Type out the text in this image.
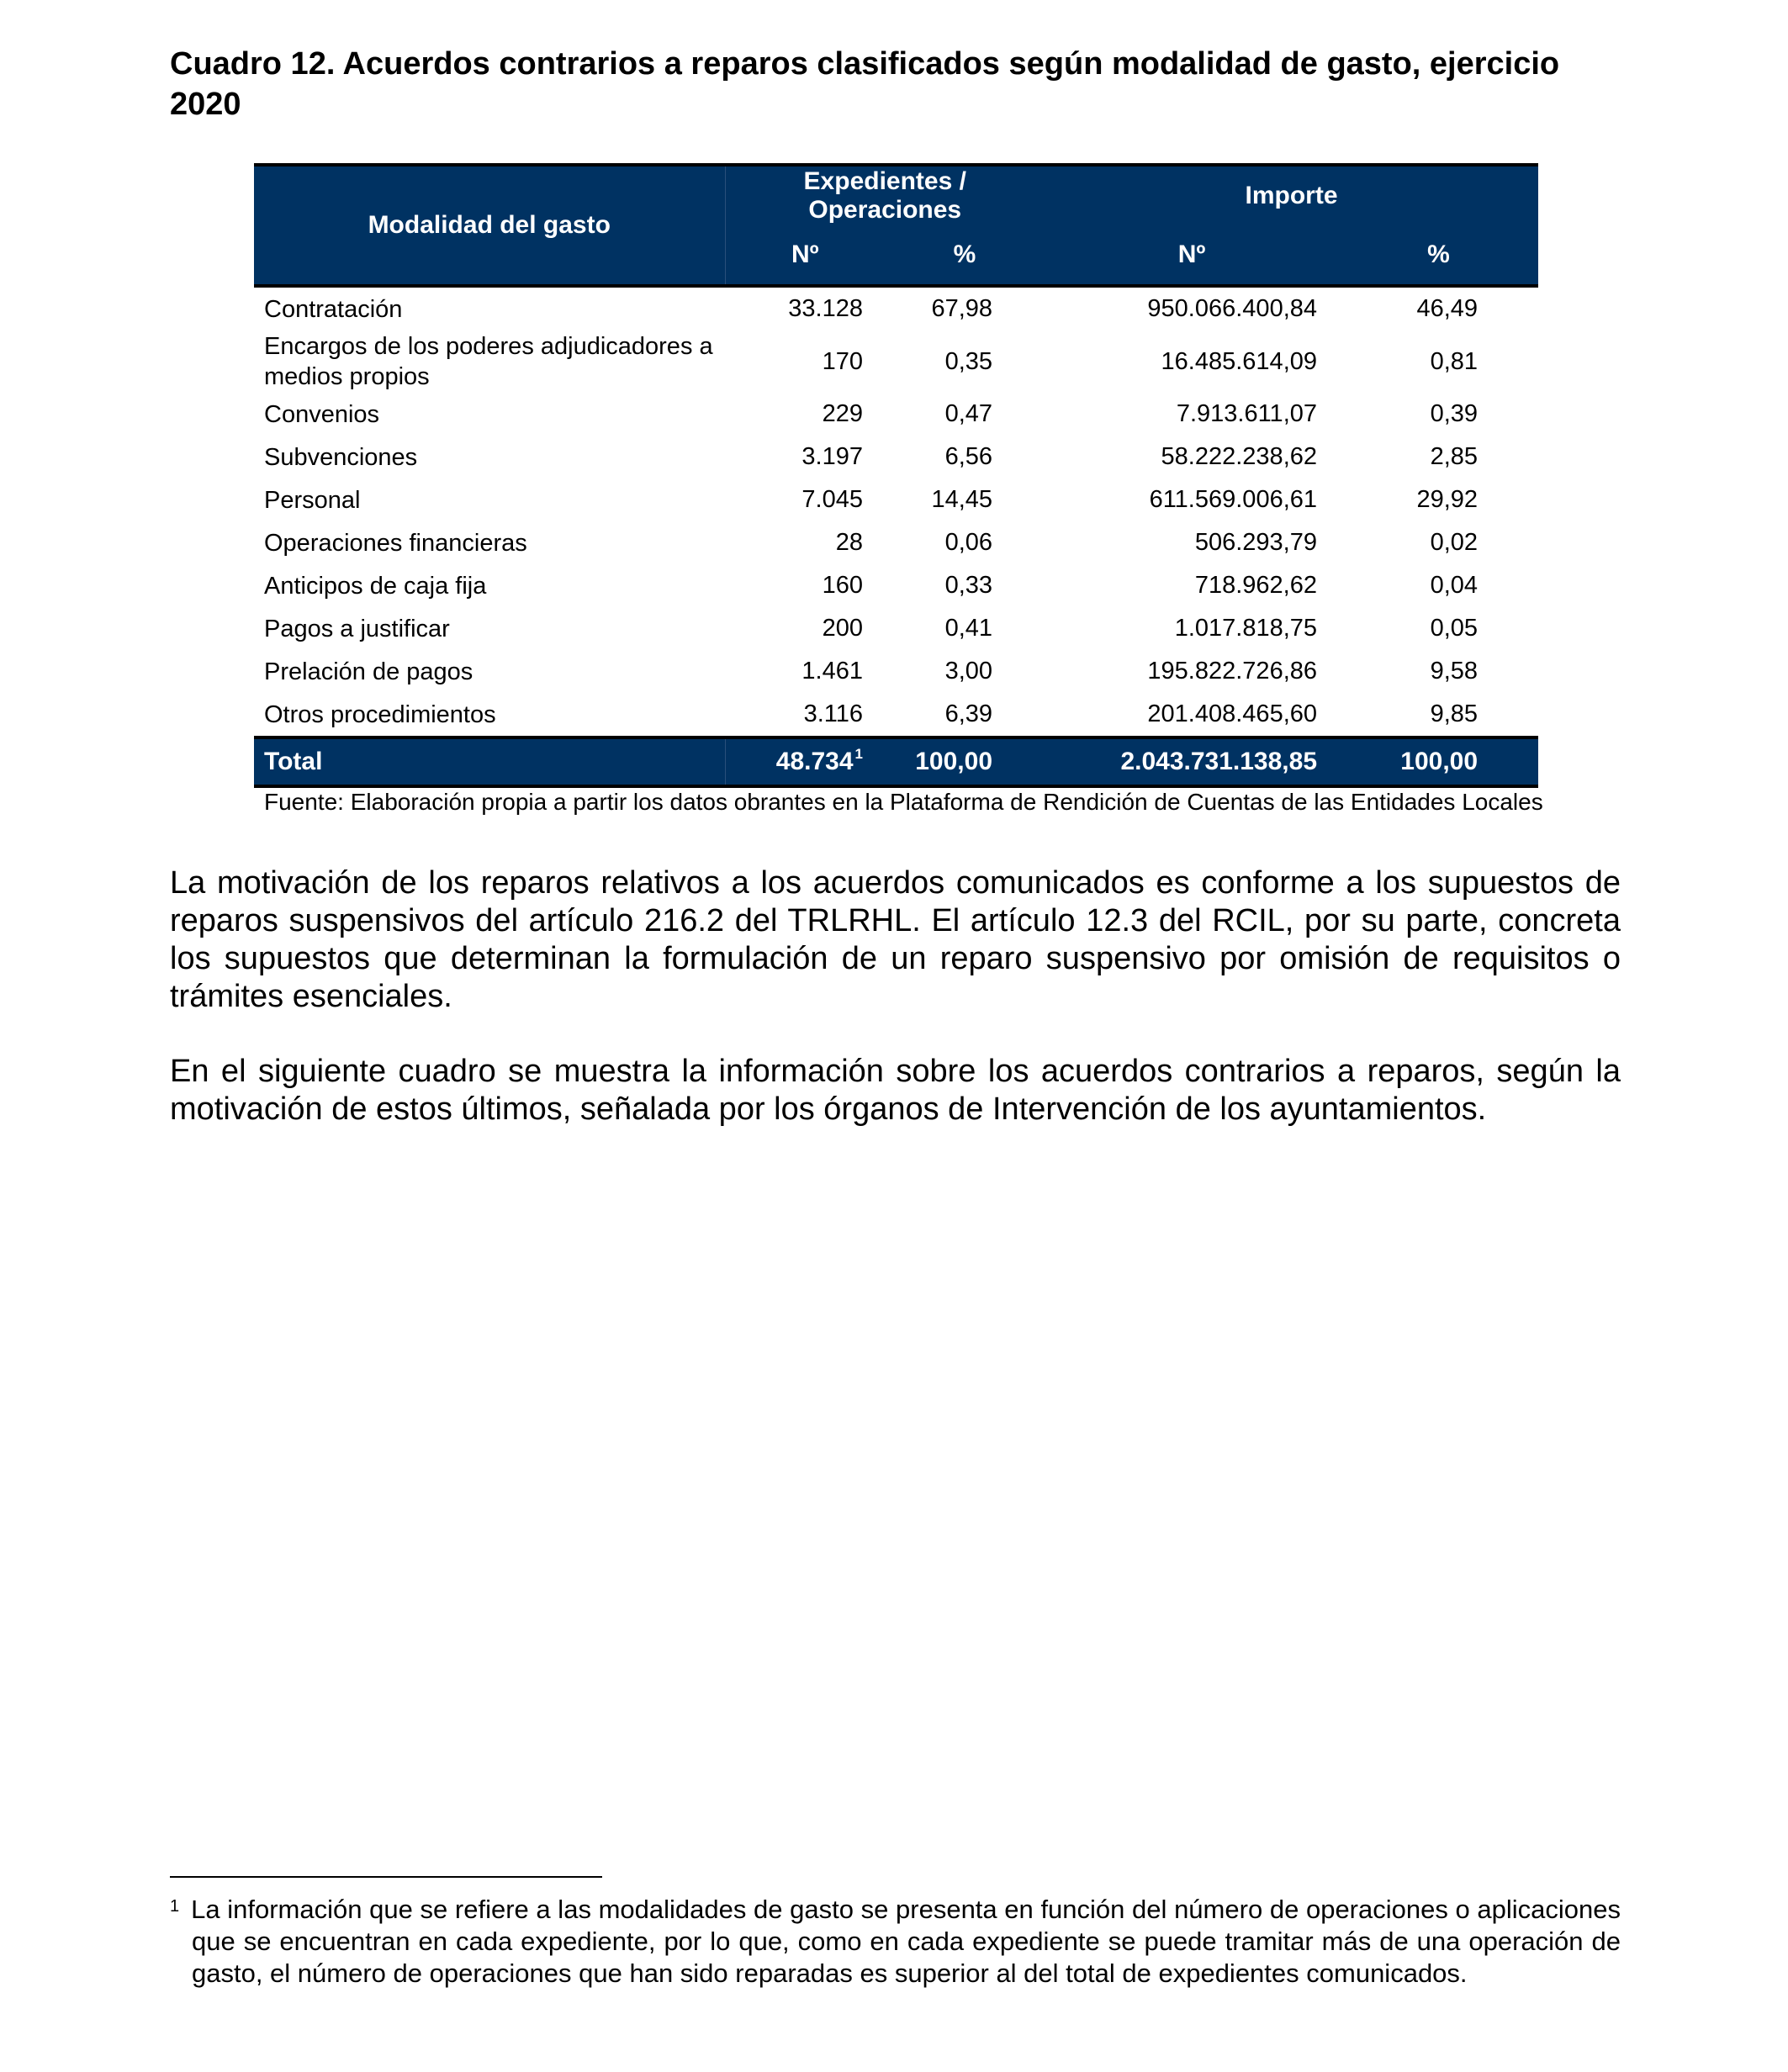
Cuadro 12. Acuerdos contrarios a reparos clasificados según modalidad de gasto, ejercicio 2020
Modalidad del gasto	Expedientes / Operaciones		Importe	
	Nº	%	Nº	%
Contratación	33.128	67,98	950.066.400,84	46,49
Encargos de los poderes adjudicadores a medios propios	170	0,35	16.485.614,09	0,81
Convenios	229	0,47	7.913.611,07	0,39
Subvenciones	3.197	6,56	58.222.238,62	2,85
Personal	7.045	14,45	611.569.006,61	29,92
Operaciones financieras	28	0,06	506.293,79	0,02
Anticipos de caja fija	160	0,33	718.962,62	0,04
Pagos a justificar	200	0,41	1.017.818,75	0,05
Prelación de pagos	1.461	3,00	195.822.726,86	9,58
Otros procedimientos	3.116	6,39	201.408.465,60	9,85
Total	48.734 $^1$	100,00	2.043.731.138,85	100,00
Fuente: Elaboración propia a partir los datos obrantes en la Plataforma de Rendición de Cuentas de las Entidades Locales

La motivación de los reparos relativos a los acuerdos comunicados es conforme a los supuestos de reparos suspensivos del artículo 216.2 del TRLRHL. El artículo 12.3 del RCIL, por su parte, concreta los supuestos que determinan la formulación de un reparo suspensivo por omisión de requisitos o trámites esenciales.

En el siguiente cuadro se muestra la información sobre los acuerdos contrarios a reparos, según la motivación de estos últimos, señalada por los órganos de Intervención de los ayuntamientos.

$^1$ La información que se refiere a las modalidades de gasto se presenta en función del número de operaciones o aplicaciones que se encuentran en cada expediente, por lo que, como en cada expediente se puede tramitar más de una operación de gasto, el número de operaciones que han sido reparadas es superior al del total de expedientes comunicados.
